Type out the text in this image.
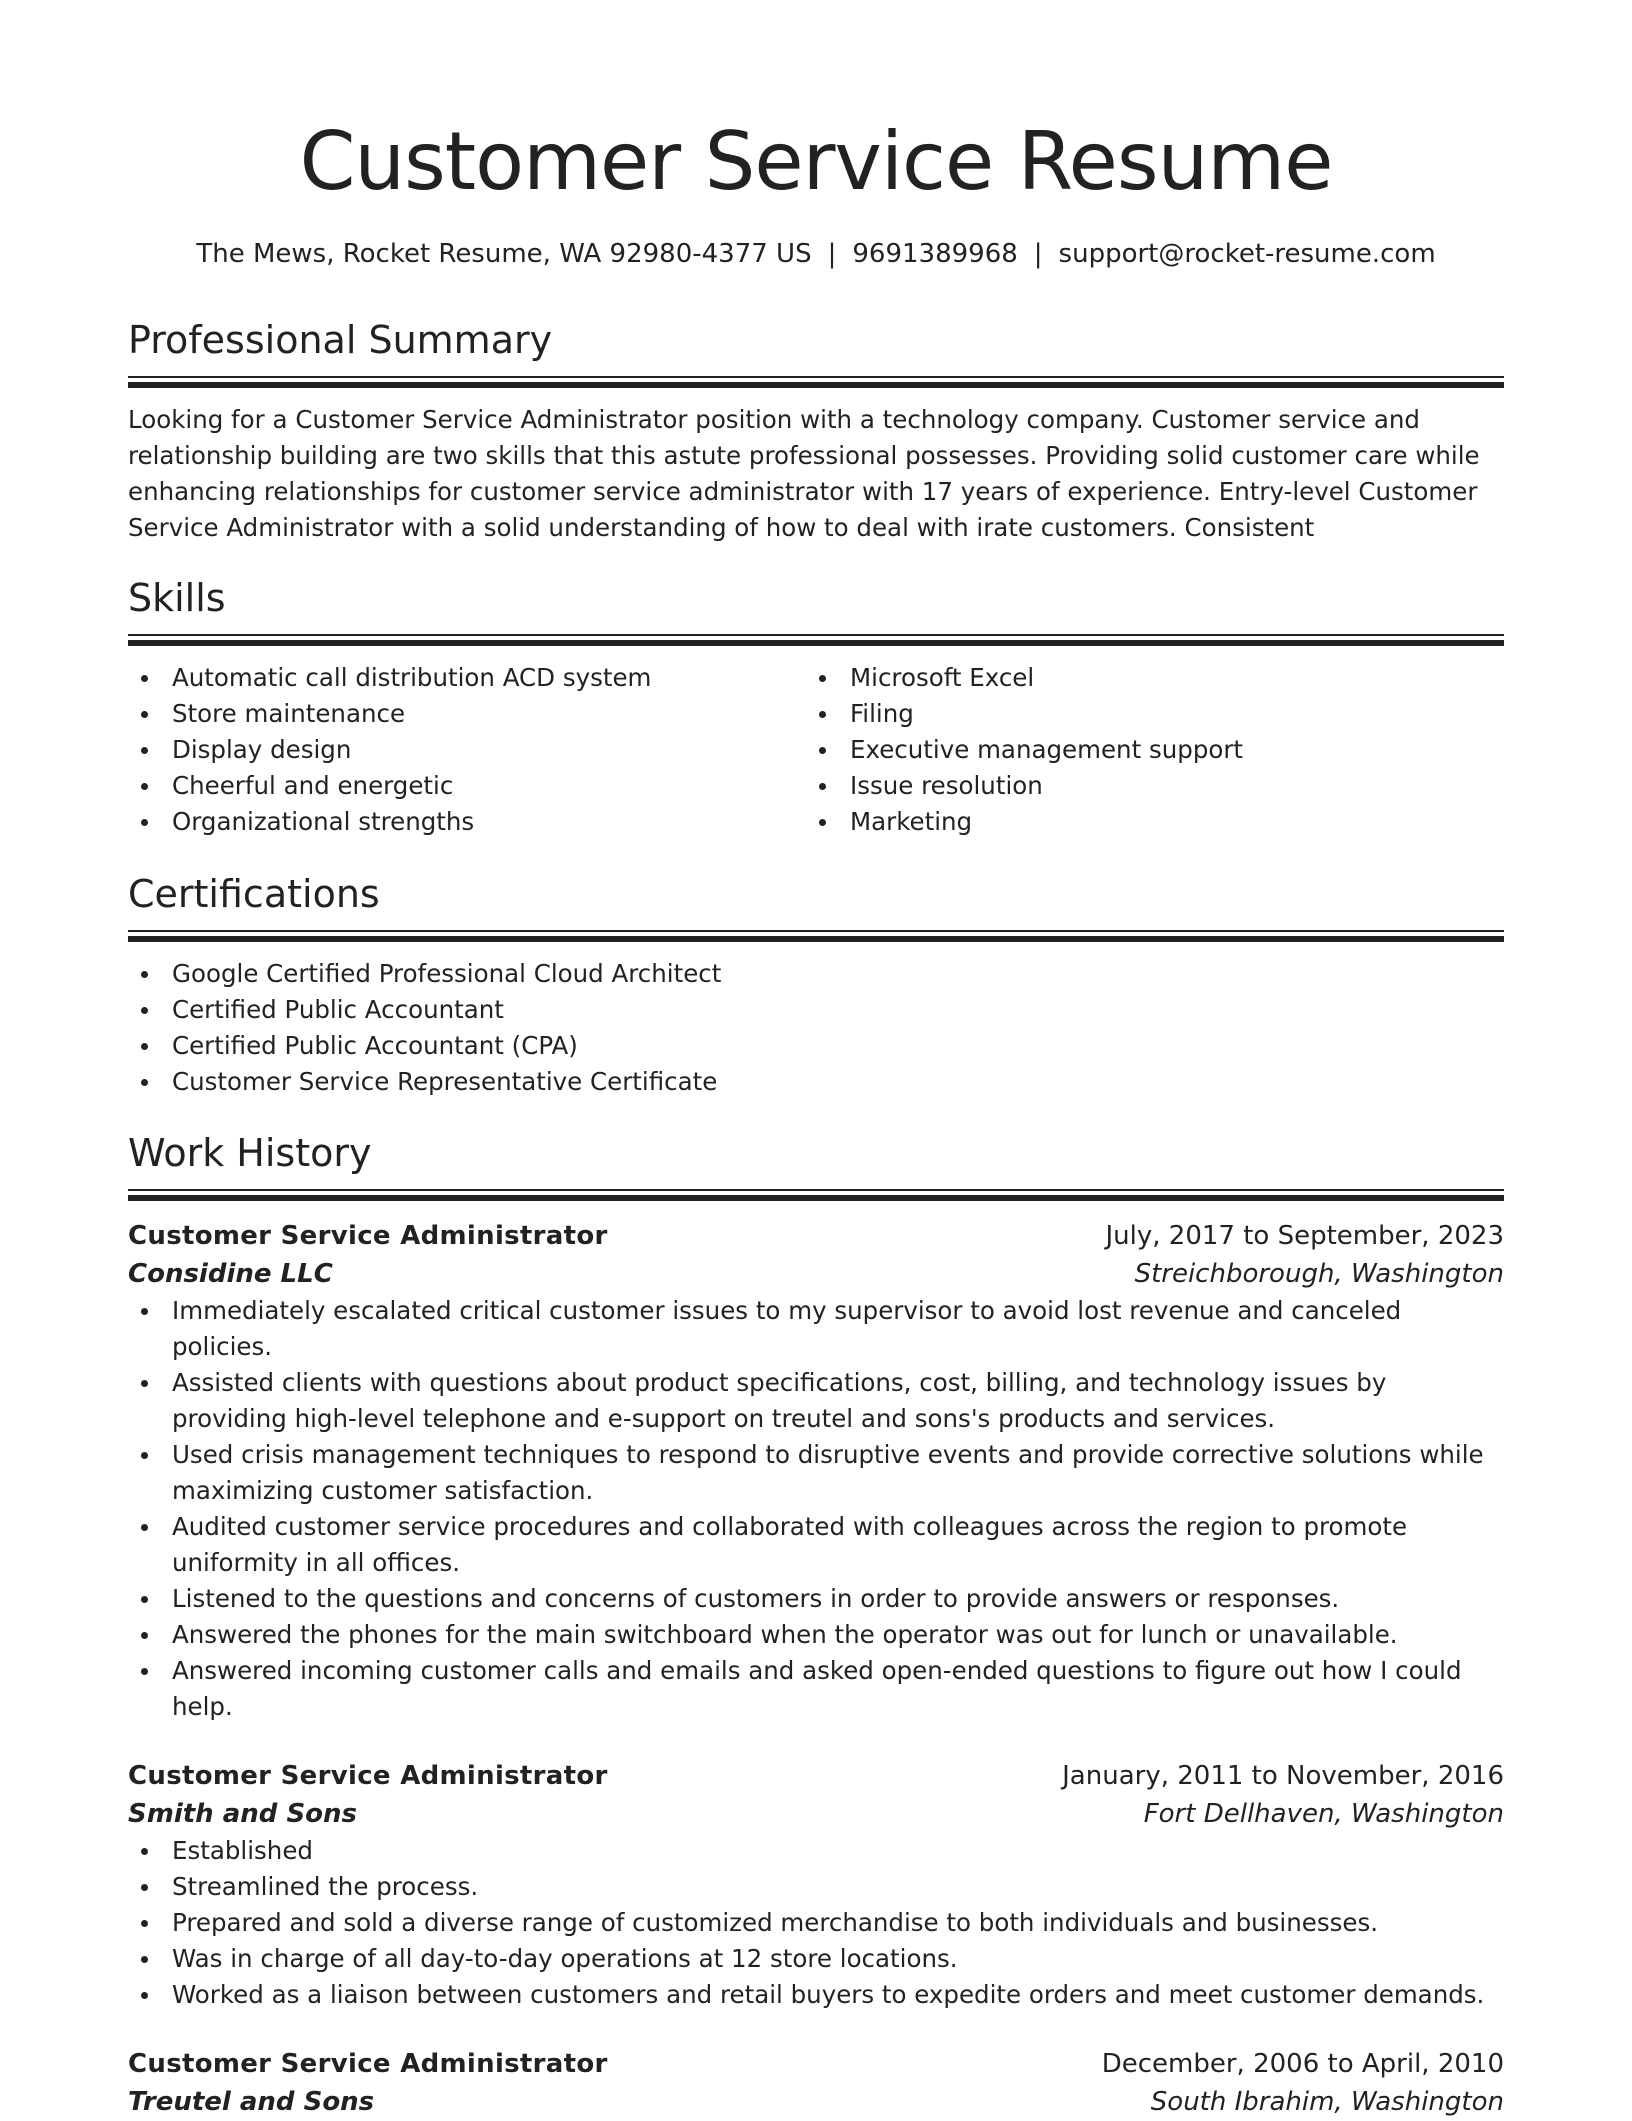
Customer Service Resume
The Mews, Rocket Resume, WA 92980-4377 US | 9691389968 | support@rocket-resume.com
Professional Summary
Looking for a Customer Service Administrator position with a technology company. Customer service and relationship building are two skills that this astute professional possesses. Providing solid customer care while enhancing relationships for customer service administrator with 17 years of experience. Entry-level Customer Service Administrator with a solid understanding of how to deal with irate customers. Consistent
Skills
Automatic call distribution ACD system
Store maintenance
Display design
Cheerful and energetic
Organizational strengths
Microsoft Excel
Filing
Executive management support
Issue resolution
Marketing
Certifications
Google Certified Professional Cloud Architect
Certified Public Accountant
Certified Public Accountant (CPA)
Customer Service Representative Certificate
Work History
Customer Service Administrator	July, 2017 to September, 2023
Considine LLC	Streichborough, Washington
Immediately escalated critical customer issues to my supervisor to avoid lost revenue and canceled policies.
Assisted clients with questions about product specifications, cost, billing, and technology issues by providing high-level telephone and e-support on treutel and sons's products and services.
Used crisis management techniques to respond to disruptive events and provide corrective solutions while maximizing customer satisfaction.
Audited customer service procedures and collaborated with colleagues across the region to promote uniformity in all offices.
Listened to the questions and concerns of customers in order to provide answers or responses.
Answered the phones for the main switchboard when the operator was out for lunch or unavailable.
Answered incoming customer calls and emails and asked open-ended questions to figure out how I could help.
Customer Service Administrator	January, 2011 to November, 2016
Smith and Sons	Fort Dellhaven, Washington
Established
Streamlined the process.
Prepared and sold a diverse range of customized merchandise to both individuals and businesses.
Was in charge of all day-to-day operations at 12 store locations.
Worked as a liaison between customers and retail buyers to expedite orders and meet customer demands.
Customer Service Administrator	December, 2006 to April, 2010
Treutel and Sons	South Ibrahim, Washington
